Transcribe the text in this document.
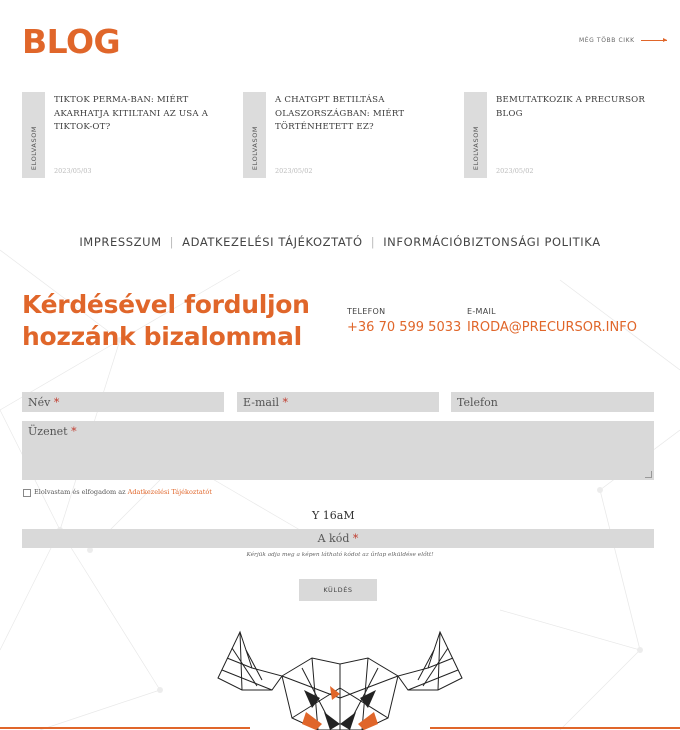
BLOG	MÉG TÖBB CIKK
ELOLVASOM
TIKTOK PERMA-BAN: MIÉRT AKARHATJA KITILTANI AZ USA A TIKTOK-OT?
2023/05/03
ELOLVASOM
A CHATGPT BETILTÁSA OLASZORSZÁGBAN: MIÉRT TÖRTÉNHETETT EZ?
2023/05/02
ELOLVASOM
BEMUTATKOZIK A PRECURSOR BLOG
2023/05/02
IMPRESSZUM | ADATKEZELÉSI TÁJÉKOZTATÓ | INFORMÁCIÓBIZTONSÁGI POLITIKA
Kérdésével forduljon
hozzánk bizalommal
TELEFON
+36 70 599 5033
E-MAIL
IRODA@PRECURSOR.INFO
Név *	E-mail *	Telefon
Üzenet *
Elolvastam és elfogadom az Adatkezelési Tájékoztatót
Y 16aM
A kód *
Kérjük adja meg a képen látható kódot az űrlap elküldése előtt!
KÜLDÉS
